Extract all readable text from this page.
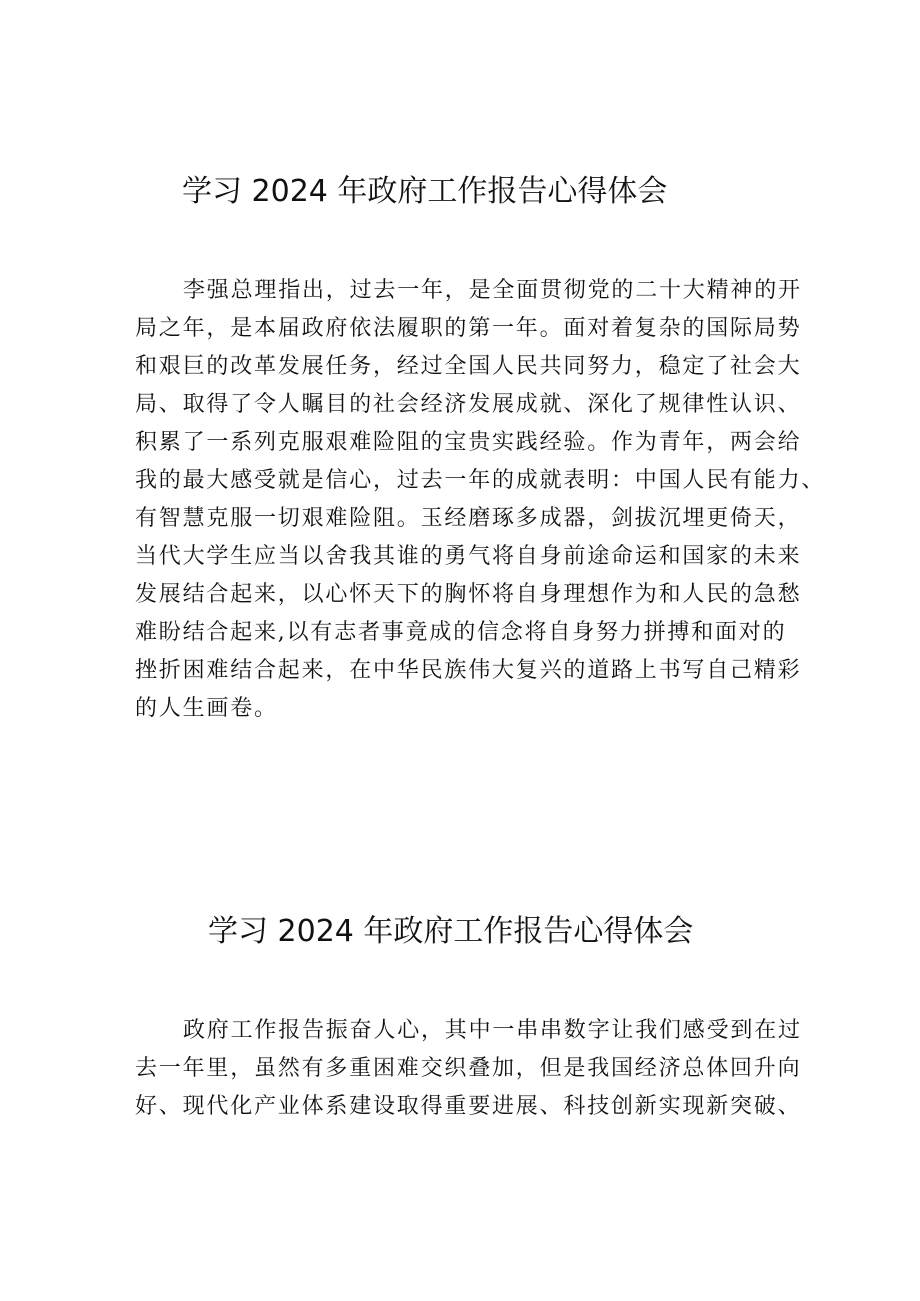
学习 2024 年政府工作报告心得体会
李强总理指出，过去一年，是全面贯彻党的二十大精神的开
局之年，是本届政府依法履职的第一年。面对着复杂的国际局势
和艰巨的改革发展任务，经过全国人民共同努力，稳定了社会大
局、取得了令人瞩目的社会经济发展成就、深化了规律性认识、
积累了一系列克服艰难险阻的宝贵实践经验。作为青年，两会给
我的最大感受就是信心，过去一年的成就表明：中国人民有能力、
有智慧克服一切艰难险阻。玉经磨琢多成器，剑拔沉埋更倚天，
当代大学生应当以舍我其谁的勇气将自身前途命运和国家的未来
发展结合起来，以心怀天下的胸怀将自身理想作为和人民的急愁
难盼结合起来,以有志者事竟成的信念将自身努力拼搏和面对的
挫折困难结合起来，在中华民族伟大复兴的道路上书写自己精彩
的人生画卷。
学习 2024 年政府工作报告心得体会
政府工作报告振奋人心，其中一串串数字让我们感受到在过
去一年里，虽然有多重困难交织叠加，但是我国经济总体回升向
好、现代化产业体系建设取得重要进展、科技创新实现新突破、
